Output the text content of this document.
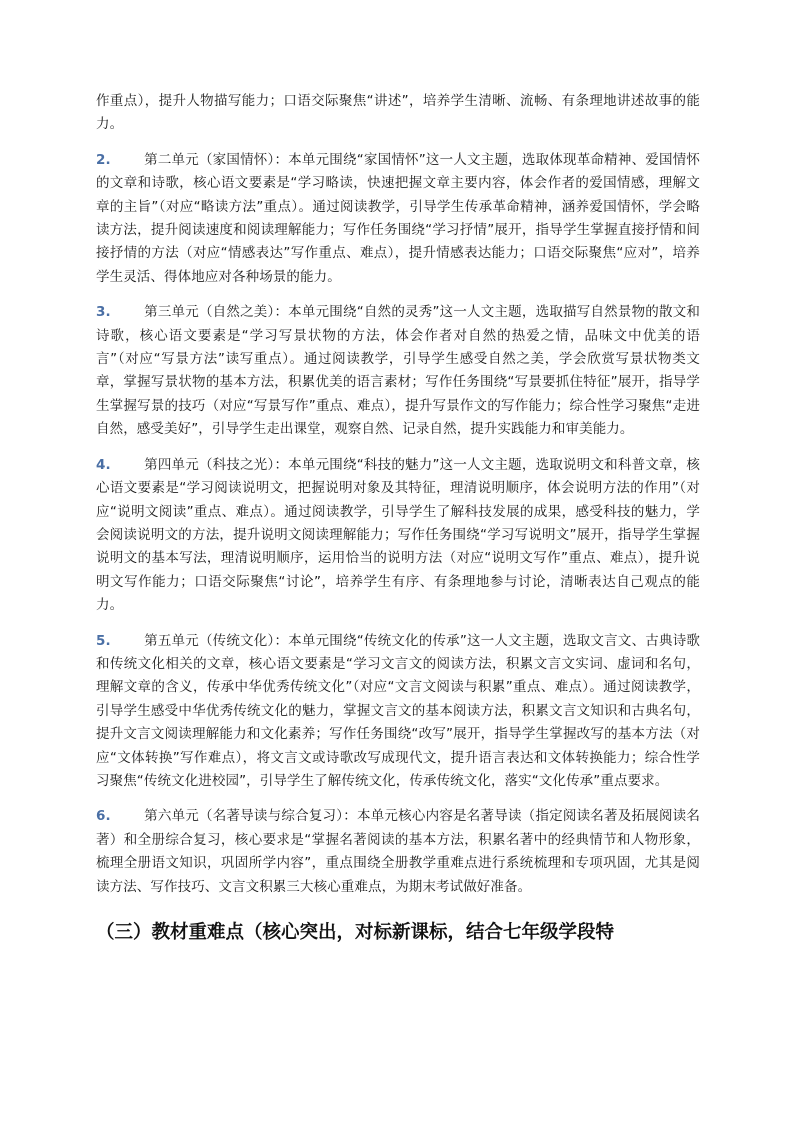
作重点），提升人物描写能力；口语交际聚焦“讲述”，培养学生清晰、流畅、有条理地讲述故事的能力。

2. 第二单元（家国情怀）：本单元围绕“家国情怀”这一人文主题，选取体现革命精神、爱国情怀的文章和诗歌，核心语文要素是“学习略读，快速把握文章主要内容，体会作者的爱国情感，理解文章的主旨”（对应“略读方法”重点）。通过阅读教学，引导学生传承革命精神，涵养爱国情怀，学会略读方法，提升阅读速度和阅读理解能力；写作任务围绕“学习抒情”展开，指导学生掌握直接抒情和间接抒情的方法（对应“情感表达”写作重点、难点），提升情感表达能力；口语交际聚焦“应对”，培养学生灵活、得体地应对各种场景的能力。

3. 第三单元（自然之美）：本单元围绕“自然的灵秀”这一人文主题，选取描写自然景物的散文和诗歌，核心语文要素是“学习写景状物的方法，体会作者对自然的热爱之情，品味文中优美的语言”（对应“写景方法”读写重点）。通过阅读教学，引导学生感受自然之美，学会欣赏写景状物类文章，掌握写景状物的基本方法，积累优美的语言素材；写作任务围绕“写景要抓住特征”展开，指导学生掌握写景的技巧（对应“写景写作”重点、难点），提升写景作文的写作能力；综合性学习聚焦“走进自然，感受美好”，引导学生走出课堂，观察自然、记录自然，提升实践能力和审美能力。

4. 第四单元（科技之光）：本单元围绕“科技的魅力”这一人文主题，选取说明文和科普文章，核心语文要素是“学习阅读说明文，把握说明对象及其特征，理清说明顺序，体会说明方法的作用”（对应“说明文阅读”重点、难点）。通过阅读教学，引导学生了解科技发展的成果，感受科技的魅力，学会阅读说明文的方法，提升说明文阅读理解能力；写作任务围绕“学习写说明文”展开，指导学生掌握说明文的基本写法，理清说明顺序，运用恰当的说明方法（对应“说明文写作”重点、难点），提升说明文写作能力；口语交际聚焦“讨论”，培养学生有序、有条理地参与讨论，清晰表达自己观点的能力。

5. 第五单元（传统文化）：本单元围绕“传统文化的传承”这一人文主题，选取文言文、古典诗歌和传统文化相关的文章，核心语文要素是“学习文言文的阅读方法，积累文言文实词、虚词和名句，理解文章的含义，传承中华优秀传统文化”（对应“文言文阅读与积累”重点、难点）。通过阅读教学，引导学生感受中华优秀传统文化的魅力，掌握文言文的基本阅读方法，积累文言文知识和古典名句，提升文言文阅读理解能力和文化素养；写作任务围绕“改写”展开，指导学生掌握改写的基本方法（对应“文体转换”写作难点），将文言文或诗歌改写成现代文，提升语言表达和文体转换能力；综合性学习聚焦“传统文化进校园”，引导学生了解传统文化，传承传统文化，落实“文化传承”重点要求。

6. 第六单元（名著导读与综合复习）：本单元核心内容是名著导读（指定阅读名著及拓展阅读名著）和全册综合复习，核心要求是“掌握名著阅读的基本方法，积累名著中的经典情节和人物形象，梳理全册语文知识，巩固所学内容”，重点围绕全册教学重难点进行系统梳理和专项巩固，尤其是阅读方法、写作技巧、文言文积累三大核心重难点，为期末考试做好准备。

（三）教材重难点（核心突出，对标新课标，结合七年级学段特
